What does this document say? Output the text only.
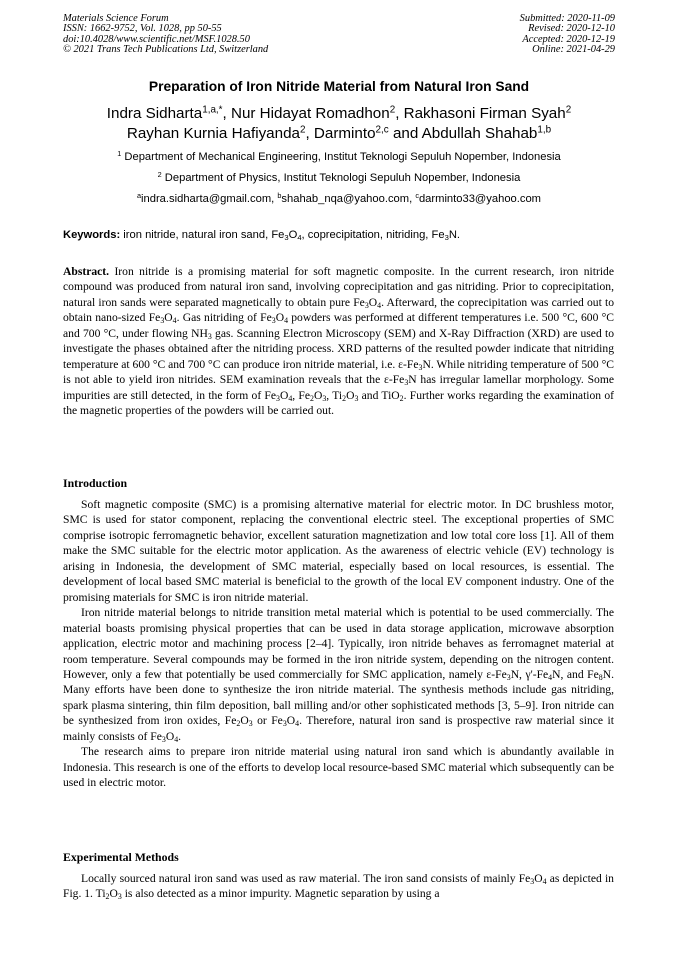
Materials Science Forum
ISSN: 1662-9752, Vol. 1028, pp 50-55
doi:10.4028/www.scientific.net/MSF.1028.50
© 2021 Trans Tech Publications Ltd, Switzerland
Submitted: 2020-11-09
Revised: 2020-12-10
Accepted: 2020-12-19
Online: 2021-04-29
Preparation of Iron Nitride Material from Natural Iron Sand
Indra Sidharta$^{1,a,*}$, Nur Hidayat Romadhon$^2$, Rakhasoni Firman Syah$^2$
Rayhan Kurnia Hafiyanda$^2$, Darminto$^{2,c}$ and Abdullah Shahab$^{1,b}$
$^1$ Department of Mechanical Engineering, Institut Teknologi Sepuluh Nopember, Indonesia
$^2$ Department of Physics, Institut Teknologi Sepuluh Nopember, Indonesia
$^a$indra.sidharta@gmail.com, $^b$shahab_nqa@yahoo.com, $^c$darminto33@yahoo.com
Keywords: iron nitride, natural iron sand, $Fe_3O_4$, coprecipitation, nitriding, $Fe_3N$.
Abstract. Iron nitride is a promising material for soft magnetic composite. In the current research, iron nitride compound was produced from natural iron sand, involving coprecipitation and gas nitriding. Prior to coprecipitation, natural iron sands were separated magnetically to obtain pure $Fe_3O_4$. Afterward, the coprecipitation was carried out to obtain nano-sized $Fe_3O_4$. Gas nitriding of $Fe_3O_4$ powders was performed at different temperatures i.e. 500 °C, 600 °C and 700 °C, under flowing $NH_3$ gas. Scanning Electron Microscopy (SEM) and X-Ray Diffraction (XRD) are used to investigate the phases obtained after the nitriding process. XRD patterns of the resulted powder indicate that nitriding temperature at 600 °C and 700 °C can produce iron nitride material, i.e. $\varepsilon-Fe_3N$. While nitriding temperature of 500 °C is not able to yield iron nitrides. SEM examination reveals that the $\varepsilon-Fe_3N$ has irregular lamellar morphology. Some impurities are still detected, in the form of $Fe_3O_4$, $Fe_2O_3$, $Ti_2O_3$ and TiO$_2$. Further works regarding the examination of the magnetic properties of the powders will be carried out.
Introduction

Soft magnetic composite (SMC) is a promising alternative material for electric motor. In DC brushless motor, SMC is used for stator component, replacing the conventional electric steel. The exceptional properties of SMC comprise isotropic ferromagnetic behavior, excellent saturation magnetization and low total core loss [1]. All of them make the SMC suitable for the electric motor application. As the awareness of electric vehicle (EV) technology is arising in Indonesia, the development of SMC material, especially based on local resources, is essential. The development of local based SMC material is beneficial to the growth of the local EV component industry. One of the promising materials for SMC is iron nitride material.

Iron nitride material belongs to nitride transition metal material which is potential to be used commercially. The material boasts promising physical properties that can be used in data storage application, microwave absorption application, electric motor and machining process [2–4]. Typically, iron nitride behaves as ferromagnet material at room temperature. Several compounds may be formed in the iron nitride system, depending on the nitrogen content. However, only a few that potentially be used commercially for SMC application, namely $\varepsilon-Fe_3N$, $\gamma'-Fe_4N$, and $Fe_8N$. Many efforts have been done to synthesize the iron nitride material. The synthesis methods include gas nitriding, spark plasma sintering, thin film deposition, ball milling and/or other sophisticated methods [3, 5–9]. Iron nitride can be synthesized from iron oxides, $Fe_2O_3$ or $Fe_3O_4$. Therefore, natural iron sand is prospective raw material since it mainly consists of $Fe_3O_4$.

The research aims to prepare iron nitride material using natural iron sand which is abundantly available in Indonesia. This research is one of the efforts to develop local resource-based SMC material which subsequently can be used in electric motor.

Experimental Methods

Locally sourced natural iron sand was used as raw material. The iron sand consists of mainly $Fe_3O_4$ as depicted in Fig. 1. $Ti_2O_3$ is also detected as a minor impurity. Magnetic separation by using a
